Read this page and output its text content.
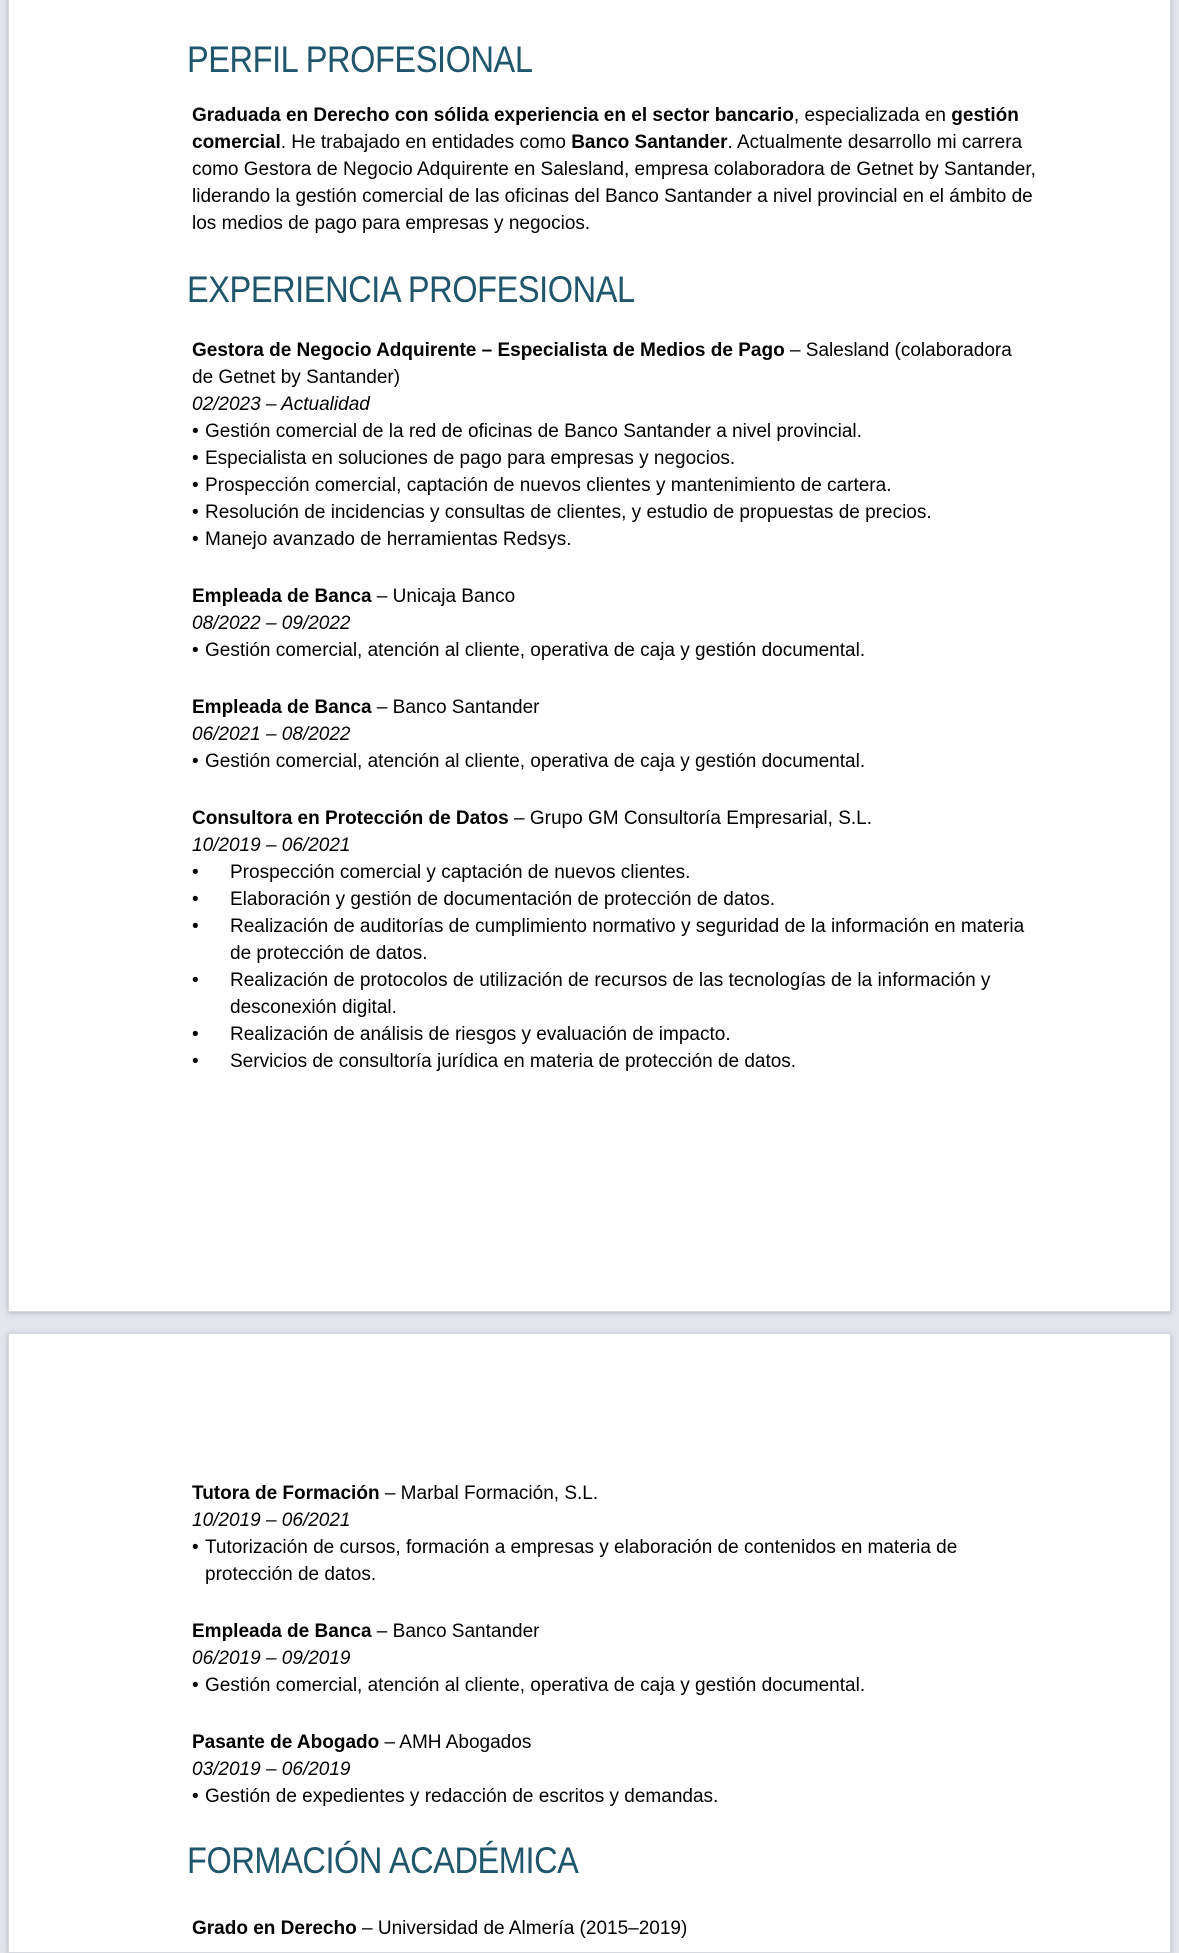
PERFIL PROFESIONAL

Graduada en Derecho con sólida experiencia en el sector bancario, especializada en gestión comercial. He trabajado en entidades como Banco Santander. Actualmente desarrollo mi carrera como Gestora de Negocio Adquirente en Salesland, empresa colaboradora de Getnet by Santander, liderando la gestión comercial de las oficinas del Banco Santander a nivel provincial en el ámbito de los medios de pago para empresas y negocios.

EXPERIENCIA PROFESIONAL
Gestora de Negocio Adquirente – Especialista de Medios de Pago – Salesland (colaboradora de Getnet by Santander)
02/2023 – Actualidad
• Gestión comercial de la red de oficinas de Banco Santander a nivel provincial.
• Especialista en soluciones de pago para empresas y negocios.
• Prospección comercial, captación de nuevos clientes y mantenimiento de cartera.
• Resolución de incidencias y consultas de clientes, y estudio de propuestas de precios.
• Manejo avanzado de herramientas Redsys.
Empleada de Banca – Unicaja Banco
08/2022 – 09/2022
• Gestión comercial, atención al cliente, operativa de caja y gestión documental.
Empleada de Banca – Banco Santander
06/2021 – 08/2022
• Gestión comercial, atención al cliente, operativa de caja y gestión documental.
Consultora en Protección de Datos – Grupo GM Consultoría Empresarial, S.L.
10/2019 – 06/2021
•	Prospección comercial y captación de nuevos clientes.
•	Elaboración y gestión de documentación de protección de datos.
•	Realización de auditorías de cumplimiento normativo y seguridad de la información en materia de protección de datos.
•	Realización de protocolos de utilización de recursos de las tecnologías de la información y desconexión digital.
•	Realización de análisis de riesgos y evaluación de impacto.
•	Servicios de consultoría jurídica en materia de protección de datos.
Tutora de Formación – Marbal Formación, S.L.
10/2019 – 06/2021
• Tutorización de cursos, formación a empresas y elaboración de contenidos en materia de protección de datos.
Empleada de Banca – Banco Santander
06/2019 – 09/2019
• Gestión comercial, atención al cliente, operativa de caja y gestión documental.
Pasante de Abogado – AMH Abogados
03/2019 – 06/2019
• Gestión de expedientes y redacción de escritos y demandas.
FORMACIÓN ACADÉMICA

Grado en Derecho – Universidad de Almería (2015–2019)
